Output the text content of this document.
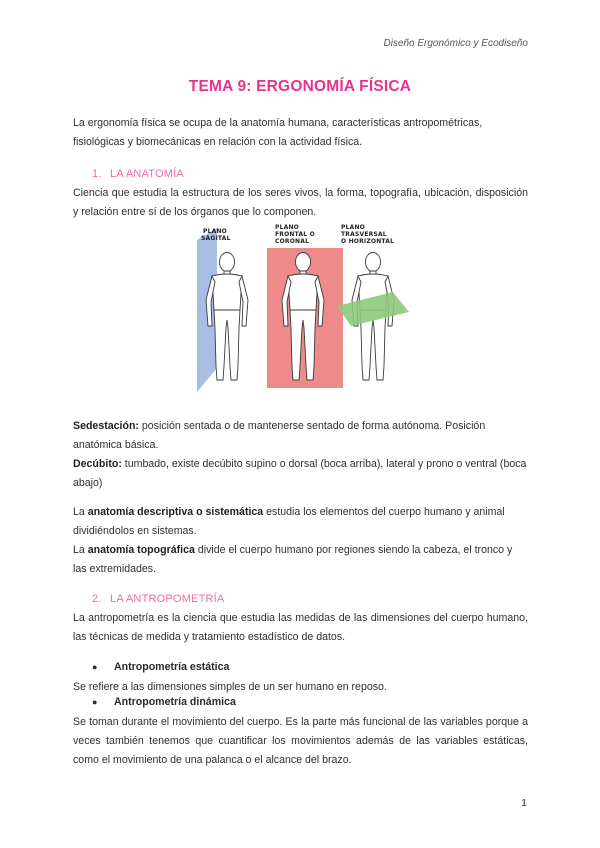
Diseño Ergonómico y Ecodiseño
TEMA 9: ERGONOMÍA FÍSICA
La ergonomía física se ocupa de la anatomía humana, características antropométricas, fisiológicas y biomecánicas en relación con la actividad física.
1. LA ANATOMÍA
Ciencia que estudia la estructura de los seres vivos, la forma, topografía, ubicación, disposición y relación entre sí de los órganos que lo componen.
PLANO SAGITAL
PLANO FRONTAL O CORONAL
PLANO TRASVERSAL O HORIZONTAL
Sedestación: posición sentada o de mantenerse sentado de forma autónoma. Posición anatómica básica.
Decúbito: tumbado, existe decúbito supino o dorsal (boca arriba), lateral y prono o ventral (boca abajo)
La anatomía descriptiva o sistemática estudia los elementos del cuerpo humano y animal dividiéndolos en sistemas.
La anatomía topográfica divide el cuerpo humano por regiones siendo la cabeza, el tronco y las extremidades.
2. LA ANTROPOMETRÍA
La antropometría es la ciencia que estudia las medidas de las dimensiones del cuerpo humano, las técnicas de medida y tratamiento estadístico de datos.
● Antropometría estática
Se refiere a las dimensiones simples de un ser humano en reposo.
● Antropometría dinámica
Se toman durante el movimiento del cuerpo. Es la parte más funcional de las variables porque a veces también tenemos que cuantificar los movimientos además de las variables estáticas, como el movimiento de una palanca o el alcance del brazo.
1
